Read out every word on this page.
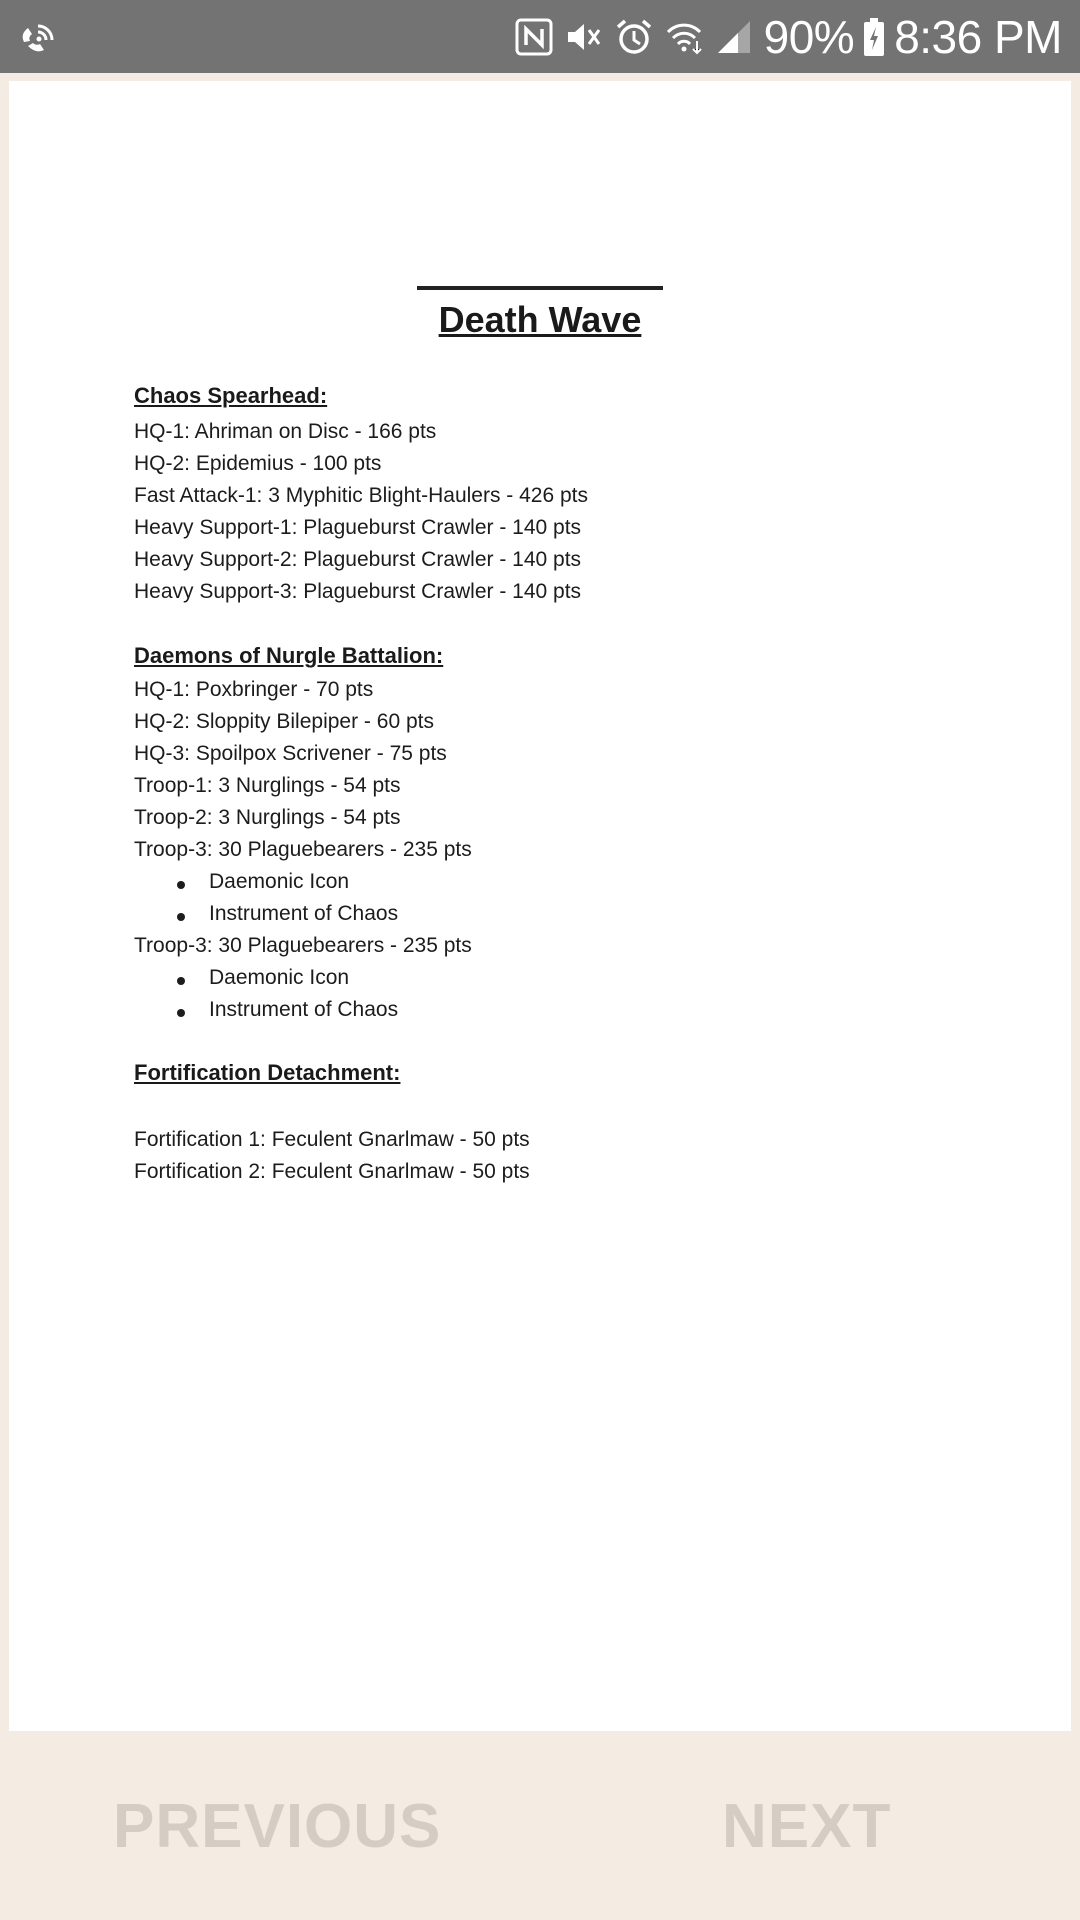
90% 8:36 PM
Death Wave
Chaos Spearhead:
HQ-1: Ahriman on Disc - 166 pts
HQ-2: Epidemius - 100 pts
Fast Attack-1: 3 Myphitic Blight-Haulers - 426 pts
Heavy Support-1: Plagueburst Crawler - 140 pts
Heavy Support-2: Plagueburst Crawler - 140 pts
Heavy Support-3: Plagueburst Crawler - 140 pts
Daemons of Nurgle Battalion:
HQ-1: Poxbringer - 70 pts
HQ-2: Sloppity Bilepiper - 60 pts
HQ-3: Spoilpox Scrivener - 75 pts
Troop-1: 3 Nurglings - 54 pts
Troop-2: 3 Nurglings - 54 pts
Troop-3: 30 Plaguebearers - 235 pts
Daemonic Icon
Instrument of Chaos
Troop-3: 30 Plaguebearers - 235 pts
Daemonic Icon
Instrument of Chaos
Fortification Detachment:
Fortification 1: Feculent Gnarlmaw - 50 pts
Fortification 2: Feculent Gnarlmaw - 50 pts
PREVIOUS	NEXT
